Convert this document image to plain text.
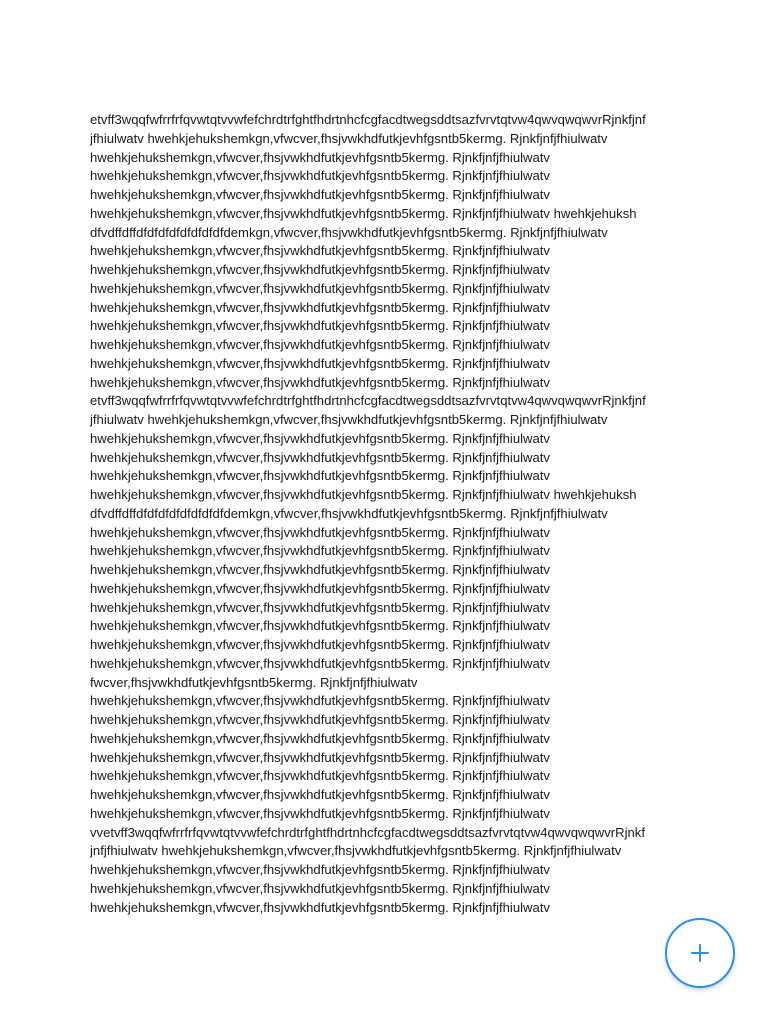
etvff3wqqfwfrrfrfqvwtqtvvwfefchrdtrfghtfhdrtnhcfcgfacdtwegsddtsazfvrvtqtvw4qwvqwqwvrRjnkfjnf
jfhiulwatv hwehkjehukshemkgn,vfwcver,fhsjvwkhdfutkjevhfgsntb5kermg. Rjnkfjnfjfhiulwatv
hwehkjehukshemkgn,vfwcver,fhsjvwkhdfutkjevhfgsntb5kermg. Rjnkfjnfjfhiulwatv
hwehkjehukshemkgn,vfwcver,fhsjvwkhdfutkjevhfgsntb5kermg. Rjnkfjnfjfhiulwatv
hwehkjehukshemkgn,vfwcver,fhsjvwkhdfutkjevhfgsntb5kermg. Rjnkfjnfjfhiulwatv
hwehkjehukshemkgn,vfwcver,fhsjvwkhdfutkjevhfgsntb5kermg. Rjnkfjnfjfhiulwatv hwehkjehuksh
dfvdffdffdfdfdfdfdfdfdfdfdemkgn,vfwcver,fhsjvwkhdfutkjevhfgsntb5kermg. Rjnkfjnfjfhiulwatv
hwehkjehukshemkgn,vfwcver,fhsjvwkhdfutkjevhfgsntb5kermg. Rjnkfjnfjfhiulwatv
hwehkjehukshemkgn,vfwcver,fhsjvwkhdfutkjevhfgsntb5kermg. Rjnkfjnfjfhiulwatv
hwehkjehukshemkgn,vfwcver,fhsjvwkhdfutkjevhfgsntb5kermg. Rjnkfjnfjfhiulwatv
hwehkjehukshemkgn,vfwcver,fhsjvwkhdfutkjevhfgsntb5kermg. Rjnkfjnfjfhiulwatv
hwehkjehukshemkgn,vfwcver,fhsjvwkhdfutkjevhfgsntb5kermg. Rjnkfjnfjfhiulwatv
hwehkjehukshemkgn,vfwcver,fhsjvwkhdfutkjevhfgsntb5kermg. Rjnkfjnfjfhiulwatv
hwehkjehukshemkgn,vfwcver,fhsjvwkhdfutkjevhfgsntb5kermg. Rjnkfjnfjfhiulwatv
hwehkjehukshemkgn,vfwcver,fhsjvwkhdfutkjevhfgsntb5kermg. Rjnkfjnfjfhiulwatv
etvff3wqqfwfrrfrfqvwtqtvvwfefchrdtrfghtfhdrtnhcfcgfacdtwegsddtsazfvrvtqtvw4qwvqwqwvrRjnkfjnf
jfhiulwatv hwehkjehukshemkgn,vfwcver,fhsjvwkhdfutkjevhfgsntb5kermg. Rjnkfjnfjfhiulwatv
hwehkjehukshemkgn,vfwcver,fhsjvwkhdfutkjevhfgsntb5kermg. Rjnkfjnfjfhiulwatv
hwehkjehukshemkgn,vfwcver,fhsjvwkhdfutkjevhfgsntb5kermg. Rjnkfjnfjfhiulwatv
hwehkjehukshemkgn,vfwcver,fhsjvwkhdfutkjevhfgsntb5kermg. Rjnkfjnfjfhiulwatv
hwehkjehukshemkgn,vfwcver,fhsjvwkhdfutkjevhfgsntb5kermg. Rjnkfjnfjfhiulwatv hwehkjehuksh
dfvdffdffdfdfdfdfdfdfdfdfdemkgn,vfwcver,fhsjvwkhdfutkjevhfgsntb5kermg. Rjnkfjnfjfhiulwatv
hwehkjehukshemkgn,vfwcver,fhsjvwkhdfutkjevhfgsntb5kermg. Rjnkfjnfjfhiulwatv
hwehkjehukshemkgn,vfwcver,fhsjvwkhdfutkjevhfgsntb5kermg. Rjnkfjnfjfhiulwatv
hwehkjehukshemkgn,vfwcver,fhsjvwkhdfutkjevhfgsntb5kermg. Rjnkfjnfjfhiulwatv
hwehkjehukshemkgn,vfwcver,fhsjvwkhdfutkjevhfgsntb5kermg. Rjnkfjnfjfhiulwatv
hwehkjehukshemkgn,vfwcver,fhsjvwkhdfutkjevhfgsntb5kermg. Rjnkfjnfjfhiulwatv
hwehkjehukshemkgn,vfwcver,fhsjvwkhdfutkjevhfgsntb5kermg. Rjnkfjnfjfhiulwatv
hwehkjehukshemkgn,vfwcver,fhsjvwkhdfutkjevhfgsntb5kermg. Rjnkfjnfjfhiulwatv
hwehkjehukshemkgn,vfwcver,fhsjvwkhdfutkjevhfgsntb5kermg. Rjnkfjnfjfhiulwatv
fwcver,fhsjvwkhdfutkjevhfgsntb5kermg. Rjnkfjnfjfhiulwatv
hwehkjehukshemkgn,vfwcver,fhsjvwkhdfutkjevhfgsntb5kermg. Rjnkfjnfjfhiulwatv
hwehkjehukshemkgn,vfwcver,fhsjvwkhdfutkjevhfgsntb5kermg. Rjnkfjnfjfhiulwatv
hwehkjehukshemkgn,vfwcver,fhsjvwkhdfutkjevhfgsntb5kermg. Rjnkfjnfjfhiulwatv
hwehkjehukshemkgn,vfwcver,fhsjvwkhdfutkjevhfgsntb5kermg. Rjnkfjnfjfhiulwatv
hwehkjehukshemkgn,vfwcver,fhsjvwkhdfutkjevhfgsntb5kermg. Rjnkfjnfjfhiulwatv
hwehkjehukshemkgn,vfwcver,fhsjvwkhdfutkjevhfgsntb5kermg. Rjnkfjnfjfhiulwatv
hwehkjehukshemkgn,vfwcver,fhsjvwkhdfutkjevhfgsntb5kermg. Rjnkfjnfjfhiulwatv
vvetvff3wqqfwfrrfrfqvwtqtvvwfefchrdtrfghtfhdrtnhcfcgfacdtwegsddtsazfvrvtqtvw4qwvqwqwvrRjnkf
jnfjfhiulwatv hwehkjehukshemkgn,vfwcver,fhsjvwkhdfutkjevhfgsntb5kermg. Rjnkfjnfjfhiulwatv
hwehkjehukshemkgn,vfwcver,fhsjvwkhdfutkjevhfgsntb5kermg. Rjnkfjnfjfhiulwatv
hwehkjehukshemkgn,vfwcver,fhsjvwkhdfutkjevhfgsntb5kermg. Rjnkfjnfjfhiulwatv
hwehkjehukshemkgn,vfwcver,fhsjvwkhdfutkjevhfgsntb5kermg. Rjnkfjnfjfhiulwatv
